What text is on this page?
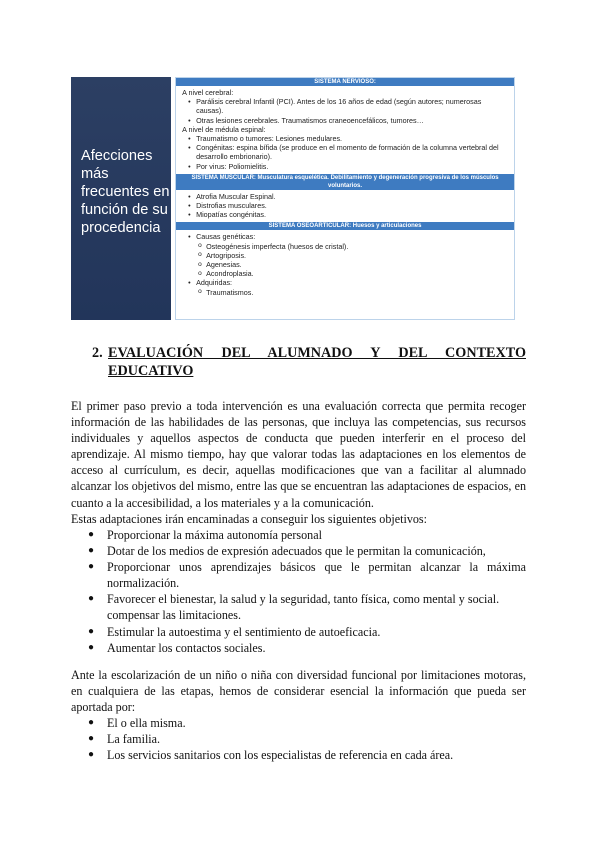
Afecciones más frecuentes en función de su procedencia
SISTEMA NERVIOSO:
A nivel cerebral:
• Parálisis cerebral Infantil (PCI). Antes de los 16 años de edad (según autores; numerosas causas).
• Otras lesiones cerebrales. Traumatismos craneoencefálicos, tumores…
A nivel de médula espinal:
• Traumatismo o tumores: Lesiones medulares.
• Congénitas: espina bífida (se produce en el momento de formación de la columna vertebral del desarrollo embrionario).
• Por virus: Poliomielitis.
SISTEMA MUSCULAR: Musculatura esquelética. Debilitamiento y degeneración progresiva de los músculos voluntarios.
• Atrofia Muscular Espinal.
• Distrofias musculares.
• Miopatías congénitas.
SISTEMA OSEOARTICULAR: Huesos y articulaciones
• Causas genéticas:
o Osteogénesis imperfecta (huesos de cristal).
o Artogriposis.
o Agenesias.
o Acondroplasia.
• Adquiridas:
o Traumatismos.
2. EVALUACIÓN DEL ALUMNADO Y DEL CONTEXTO
EDUCATIVO
El primer paso previo a toda intervención es una evaluación correcta que permita recoger
información de las habilidades de las personas, que incluya las competencias, sus recursos
individuales y aquellos aspectos de conducta que pueden interferir en el proceso del
aprendizaje. Al mismo tiempo, hay que valorar todas las adaptaciones en los elementos de
acceso al currículum, es decir, aquellas modificaciones que van a facilitar al alumnado
alcanzar los objetivos del mismo, entre las que se encuentran las adaptaciones de espacios, en
cuanto a la accesibilidad, a los materiales y a la comunicación.
Estas adaptaciones irán encaminadas a conseguir los siguientes objetivos:
● Proporcionar la máxima autonomía personal
● Dotar de los medios de expresión adecuados que le permitan la comunicación,
● Proporcionar unos aprendizajes básicos que le permitan alcanzar la máxima
normalización.
● Favorecer el bienestar, la salud y la seguridad, tanto física, como mental y social.
compensar las limitaciones.
● Estimular la autoestima y el sentimiento de autoeficacia.
● Aumentar los contactos sociales.
Ante la escolarización de un niño o niña con diversidad funcional por limitaciones motoras,
en cualquiera de las etapas, hemos de considerar esencial la información que pueda ser
aportada por:
● El o ella misma.
● La familia.
● Los servicios sanitarios con los especialistas de referencia en cada área.
